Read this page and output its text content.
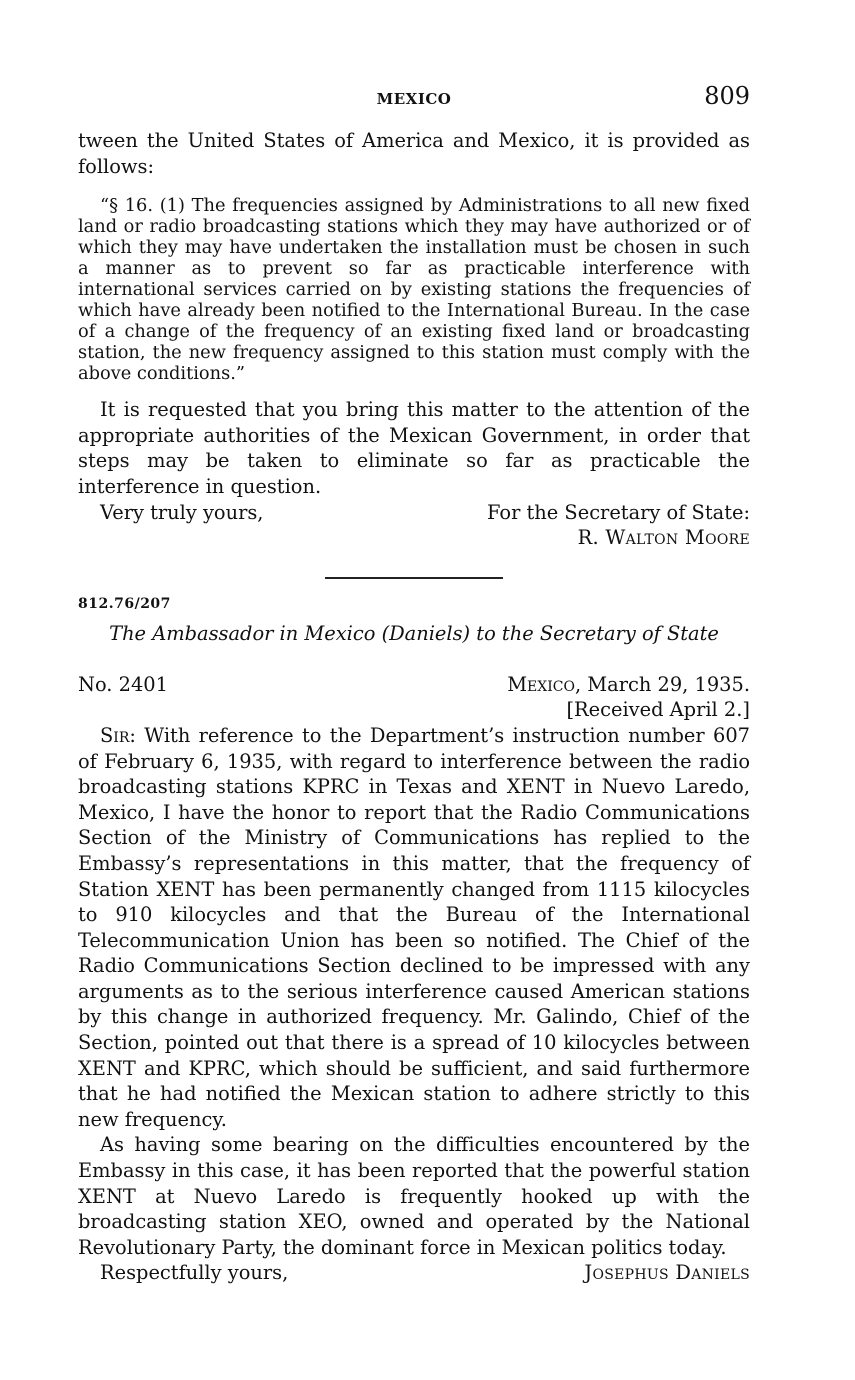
MEXICO	809

tween the United States of America and Mexico, it is provided as follows:

“§ 16. (1) The frequencies assigned by Administrations to all new fixed land or radio broadcasting stations which they may have authorized or of which they may have undertaken the installation must be chosen in such a manner as to prevent so far as practicable interference with international services carried on by existing stations the frequencies of which have already been notified to the International Bureau. In the case of a change of the frequency of an existing fixed land or broadcasting station, the new frequency assigned to this station must comply with the above conditions.”

It is requested that you bring this matter to the attention of the appropriate authorities of the Mexican Government, in order that steps may be taken to eliminate so far as practicable the interference in question.

Very truly yours,	For the Secretary of State:
R. Walton Moore
812.76/207
The Ambassador in Mexico (Daniels) to the Secretary of State
No. 2401	Mexico, March 29, 1935.
[Received April 2.]

Sir: With reference to the Department’s instruction number 607 of February 6, 1935, with regard to interference between the radio broadcasting stations KPRC in Texas and XENT in Nuevo Laredo, Mexico, I have the honor to report that the Radio Communications Section of the Ministry of Communications has replied to the Embassy’s representations in this matter, that the frequency of Station XENT has been permanently changed from 1115 kilocycles to 910 kilocycles and that the Bureau of the International Telecommunication Union has been so notified. The Chief of the Radio Communications Section declined to be impressed with any arguments as to the serious interference caused American stations by this change in authorized frequency. Mr. Galindo, Chief of the Section, pointed out that there is a spread of 10 kilocycles between XENT and KPRC, which should be sufficient, and said furthermore that he had notified the Mexican station to adhere strictly to this new frequency.

As having some bearing on the difficulties encountered by the Embassy in this case, it has been reported that the powerful station XENT at Nuevo Laredo is frequently hooked up with the broadcasting station XEO, owned and operated by the National Revolutionary Party, the dominant force in Mexican politics today.

Respectfully yours,	Josephus Daniels
